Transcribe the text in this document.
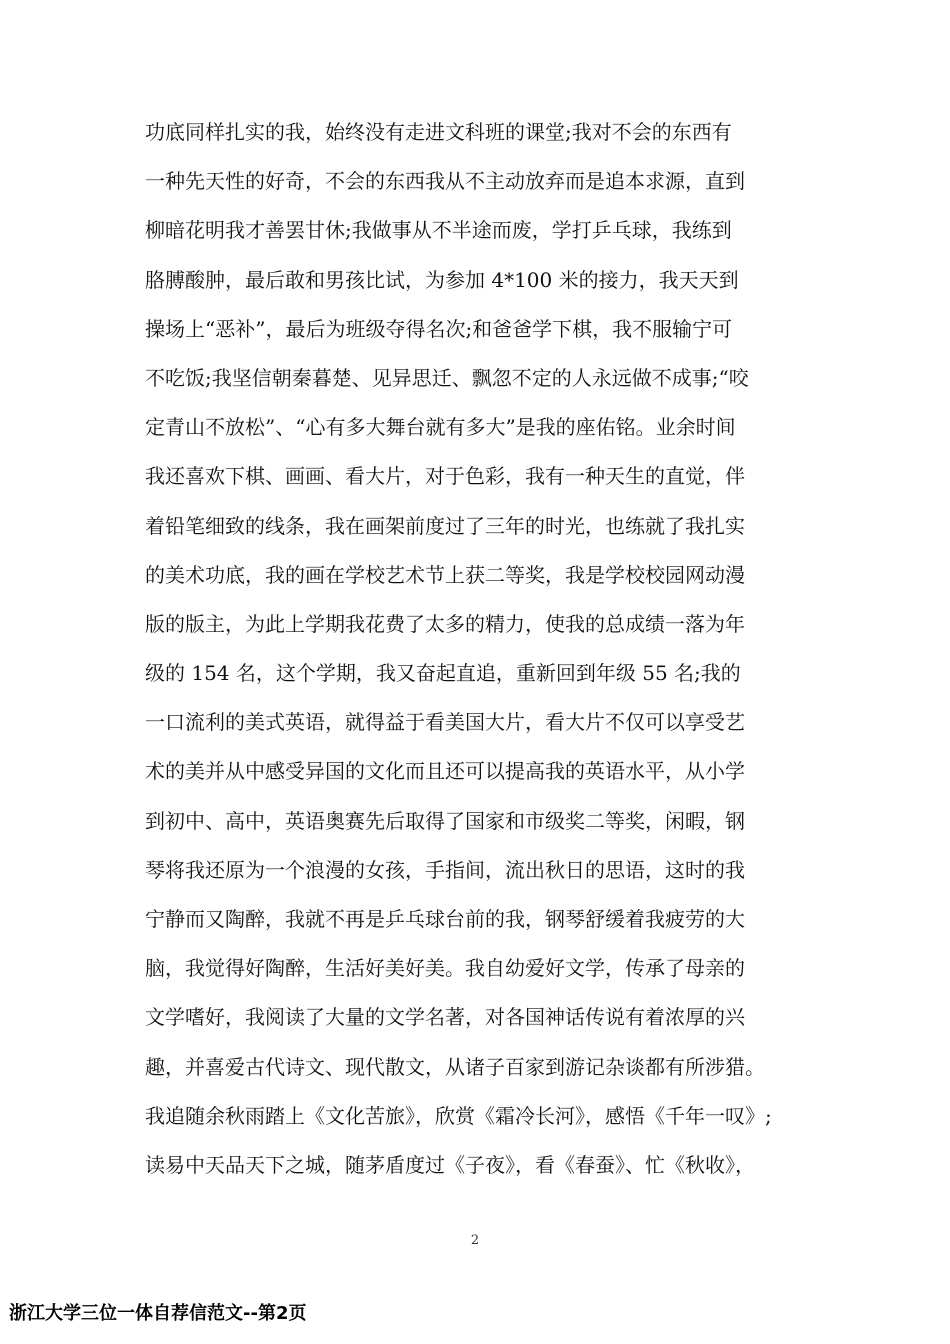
功底同样扎实的我，始终没有走进文科班的课堂;我对不会的东西有
一种先天性的好奇，不会的东西我从不主动放弃而是追本求源，直到
柳暗花明我才善罢甘休;我做事从不半途而废，学打乒乓球，我练到
胳膊酸肿，最后敢和男孩比试，为参加 4*100 米的接力，我天天到
操场上“恶补”，最后为班级夺得名次;和爸爸学下棋，我不服输宁可
不吃饭;我坚信朝秦暮楚、见异思迁、飘忽不定的人永远做不成事;“咬
定青山不放松”、“心有多大舞台就有多大”是我的座佑铭。业余时间
我还喜欢下棋、画画、看大片，对于色彩，我有一种天生的直觉，伴
着铅笔细致的线条，我在画架前度过了三年的时光，也练就了我扎实
的美术功底，我的画在学校艺术节上获二等奖，我是学校校园网动漫
版的版主，为此上学期我花费了太多的精力，使我的总成绩一落为年
级的 154 名，这个学期，我又奋起直追，重新回到年级 55 名;我的
一口流利的美式英语，就得益于看美国大片，看大片不仅可以享受艺
术的美并从中感受异国的文化而且还可以提高我的英语水平，从小学
到初中、高中，英语奥赛先后取得了国家和市级奖二等奖，闲暇，钢
琴将我还原为一个浪漫的女孩，手指间，流出秋日的思语，这时的我
宁静而又陶醉，我就不再是乒乓球台前的我，钢琴舒缓着我疲劳的大
脑，我觉得好陶醉，生活好美好美。我自幼爱好文学，传承了母亲的
文学嗜好，我阅读了大量的文学名著，对各国神话传说有着浓厚的兴
趣，并喜爱古代诗文、现代散文，从诸子百家到游记杂谈都有所涉猎。
我追随余秋雨踏上《文化苦旅》，欣赏《霜冷长河》，感悟《千年一叹》;
读易中天品天下之城，随茅盾度过《子夜》，看《春蚕》、忙《秋收》，
2
浙江大学三位一体自荐信范文--第2页
